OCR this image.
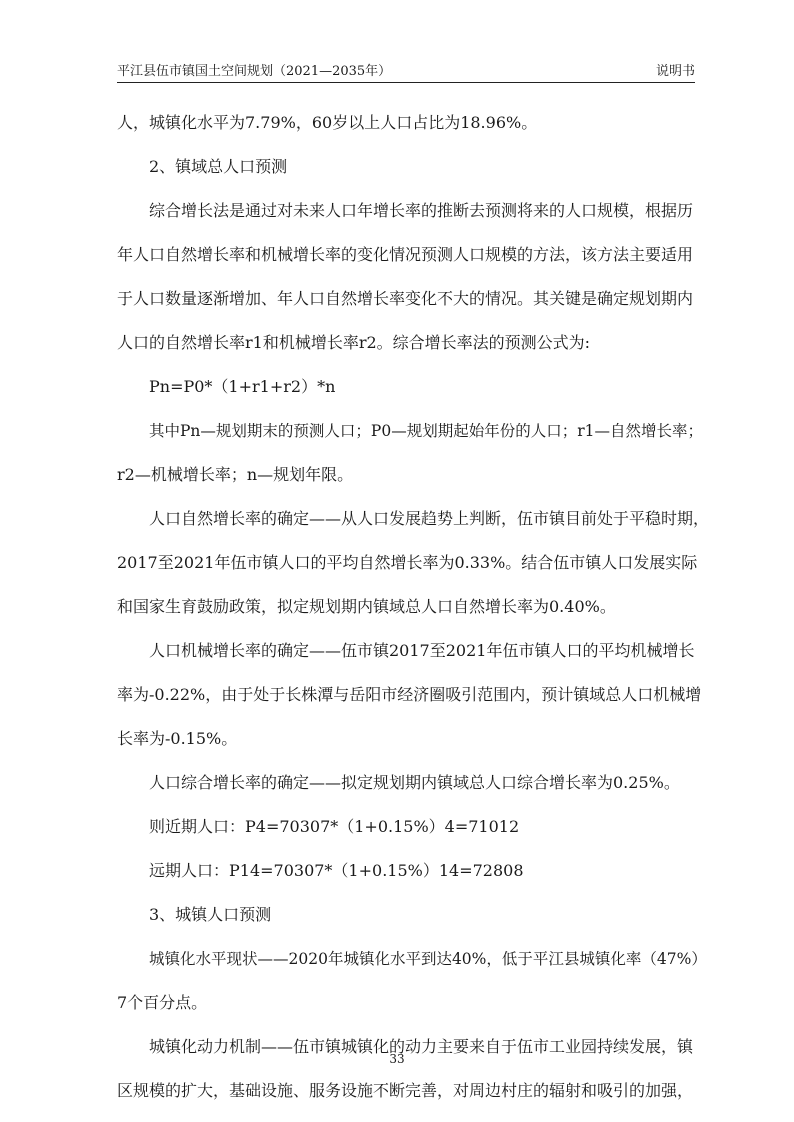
平江县伍市镇国土空间规划（2021—2035年）	说明书
人，城镇化水平为7.79%，60岁以上人口占比为18.96%。
2、镇域总人口预测
综合增长法是通过对未来人口年增长率的推断去预测将来的人口规模，根据历
年人口自然增长率和机械增长率的变化情况预测人口规模的方法，该方法主要适用
于人口数量逐渐增加、年人口自然增长率变化不大的情况。其关键是确定规划期内
人口的自然增长率r1和机械增长率r2。综合增长率法的预测公式为:
Pn=P0*（1+r1+r2）*n
其中Pn—规划期末的预测人口；P0—规划期起始年份的人口；r1—自然增长率；
r2—机械增长率；n—规划年限。
人口自然增长率的确定——从人口发展趋势上判断，伍市镇目前处于平稳时期，
2017至2021年伍市镇人口的平均自然增长率为0.33%。结合伍市镇人口发展实际
和国家生育鼓励政策，拟定规划期内镇域总人口自然增长率为0.40%。
人口机械增长率的确定——伍市镇2017至2021年伍市镇人口的平均机械增长
率为-0.22%，由于处于长株潭与岳阳市经济圈吸引范围内，预计镇域总人口机械增
长率为-0.15%。
人口综合增长率的确定——拟定规划期内镇域总人口综合增长率为0.25%。
则近期人口：P4=70307*（1+0.15%）4=71012
远期人口：P14=70307*（1+0.15%）14=72808
3、城镇人口预测
城镇化水平现状——2020年城镇化水平到达40%，低于平江县城镇化率（47%）
7个百分点。
城镇化动力机制——伍市镇城镇化的动力主要来自于伍市工业园持续发展，镇
区规模的扩大，基础设施、服务设施不断完善，对周边村庄的辐射和吸引的加强，
33
